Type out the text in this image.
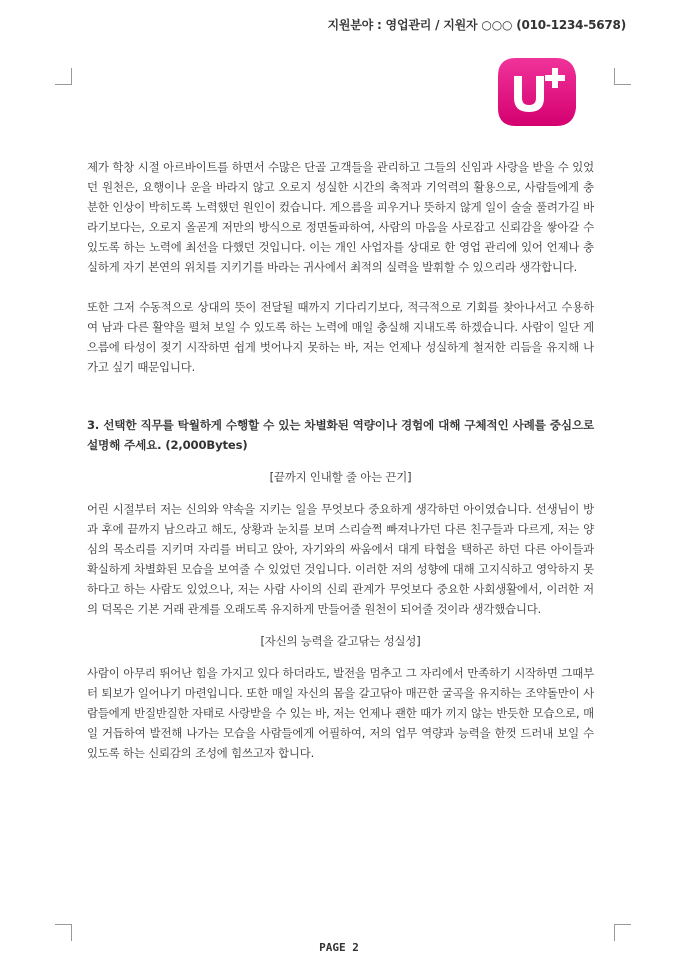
지원분야 : 영업관리 / 지원자 ○○○ (010-1234-5678)

제가 학창 시절 아르바이트를 하면서 수많은 단골 고객들을 관리하고 그들의 신임과 사랑을 받을 수 있었던 원천은, 요행이나 운을 바라지 않고 오로지 성실한 시간의 축적과 기억력의 활용으로, 사람들에게 충분한 인상이 박히도록 노력했던 원인이 컸습니다. 게으름을 피우거나 뜻하지 않게 일이 술술 풀려가길 바라기보다는, 오로지 올곧게 저만의 방식으로 정면돌파하여, 사람의 마음을 사로잡고 신뢰감을 쌓아갈 수 있도록 하는 노력에 최선을 다했던 것입니다. 이는 개인 사업자를 상대로 한 영업 관리에 있어 언제나 충실하게 자기 본연의 위치를 지키기를 바라는 귀사에서 최적의 실력을 발휘할 수 있으리라 생각합니다.

또한 그저 수동적으로 상대의 뜻이 전달될 때까지 기다리기보다, 적극적으로 기회를 찾아나서고 수용하여 남과 다른 활약을 펼쳐 보일 수 있도록 하는 노력에 매일 충실해 지내도록 하겠습니다. 사람이 일단 게으름에 타성이 젖기 시작하면 쉽게 벗어나지 못하는 바, 저는 언제나 성실하게 철저한 리듬을 유지해 나가고 싶기 때문입니다.

3. 선택한 직무를 탁월하게 수행할 수 있는 차별화된 역량이나 경험에 대해 구체적인 사례를 중심으로 설명해 주세요. (2,000Bytes)

[끝까지 인내할 줄 아는 끈기]

어린 시절부터 저는 신의와 약속을 지키는 일을 무엇보다 중요하게 생각하던 아이였습니다. 선생님이 방과 후에 끝까지 남으라고 해도, 상황과 눈치를 보며 스리슬쩍 빠져나가던 다른 친구들과 다르게, 저는 양심의 목소리를 지키며 자리를 버티고 앉아, 자기와의 싸움에서 대게 타협을 택하곤 하던 다른 아이들과 확실하게 차별화된 모습을 보여줄 수 있었던 것입니다. 이러한 저의 성향에 대해 고지식하고 영악하지 못하다고 하는 사람도 있었으나, 저는 사람 사이의 신뢰 관계가 무엇보다 중요한 사회생활에서, 이러한 저의 덕목은 기본 거래 관계를 오래도록 유지하게 만들어줄 원천이 되어줄 것이라 생각했습니다.

[자신의 능력을 갈고닦는 성실성]

사람이 아무리 뛰어난 힘을 가지고 있다 하더라도, 발전을 멈추고 그 자리에서 만족하기 시작하면 그때부터 퇴보가 일어나기 마련입니다. 또한 매일 자신의 몸을 갈고닦아 매끈한 굴곡을 유지하는 조약돌만이 사람들에게 반질반질한 자태로 사랑받을 수 있는 바, 저는 언제나 괜한 때가 끼지 않는 반듯한 모습으로, 매일 거듭하여 발전해 나가는 모습을 사람들에게 어필하여, 저의 업무 역량과 능력을 한껏 드러내 보일 수 있도록 하는 신뢰감의 조성에 힘쓰고자 합니다.

PAGE 2
